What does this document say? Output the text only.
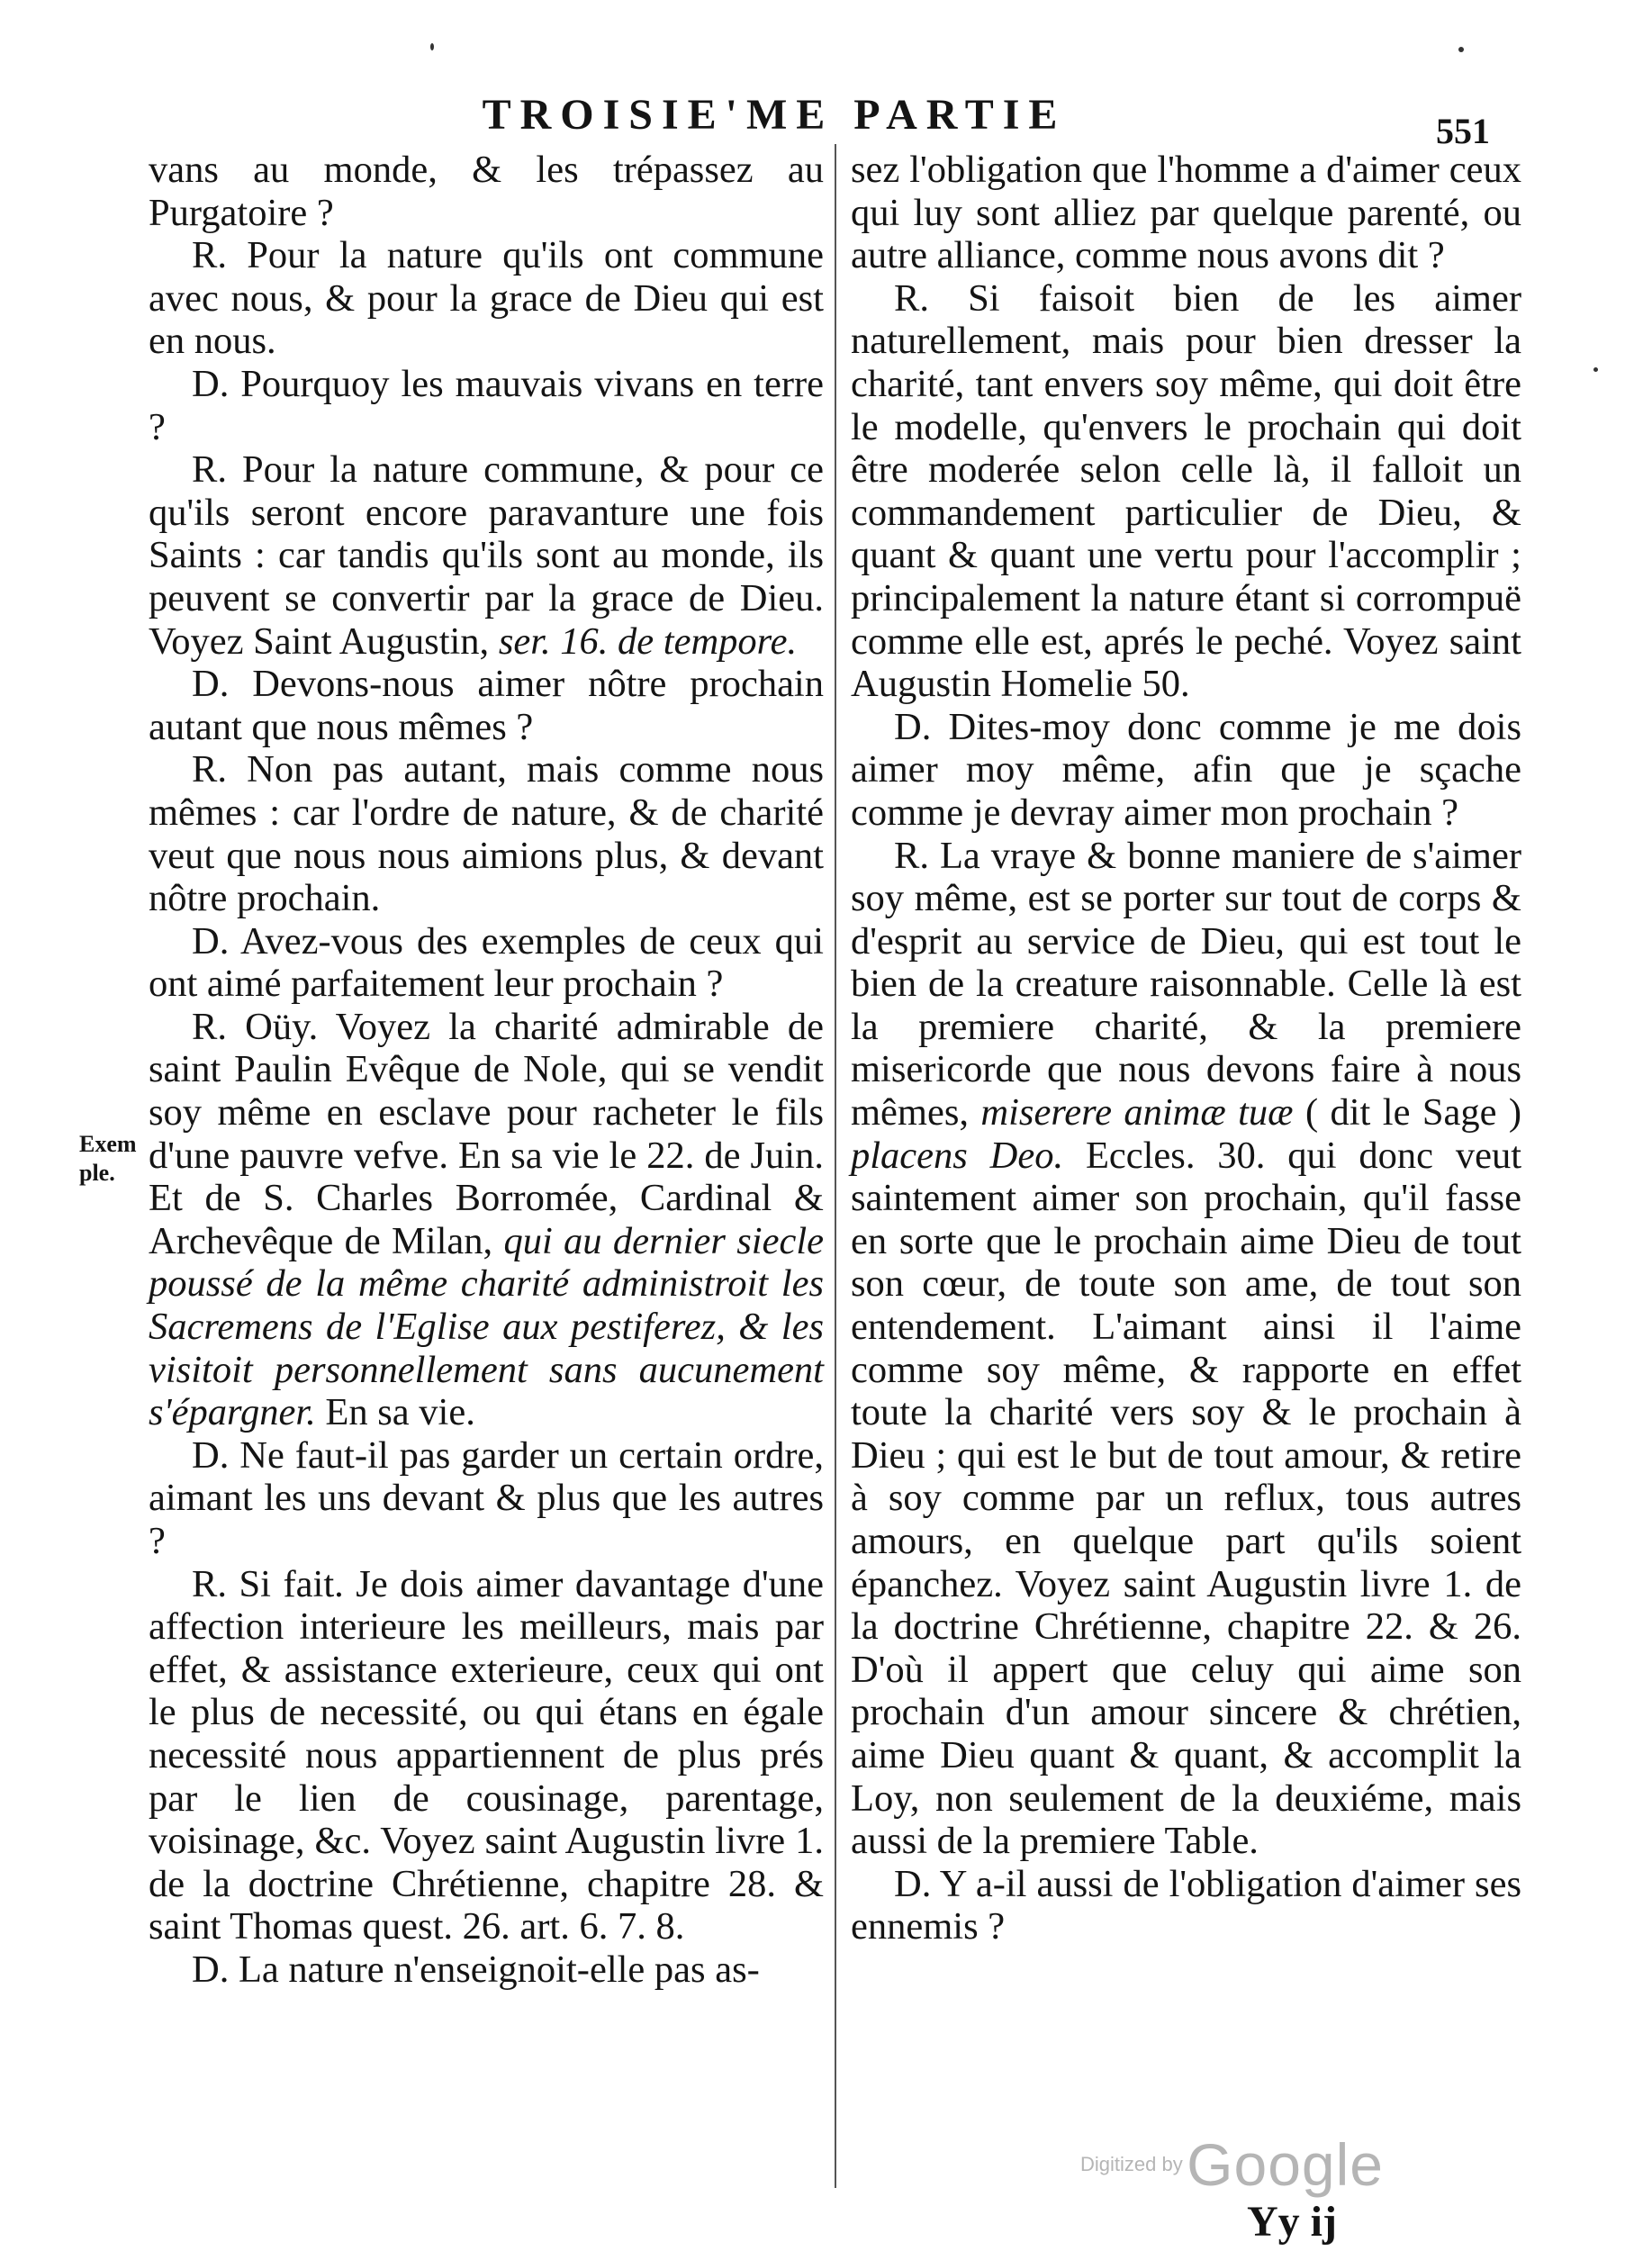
TROISIE'ME PARTIE	551
Exem ple.

vans au monde, & les trépassez au Purgatoire ?

R. Pour la nature qu'ils ont commune avec nous, & pour la grace de Dieu qui est en nous.

D. Pourquoy les mauvais vivans en terre ?

R. Pour la nature commune, & pour ce qu'ils seront encore paravanture une fois Saints : car tandis qu'ils sont au monde, ils peuvent se convertir par la grace de Dieu. Voyez Saint Augustin, ser. 16. de tempore.

D. Devons-nous aimer nôtre prochain autant que nous mêmes ?

R. Non pas autant, mais comme nous mêmes : car l'ordre de nature, & de charité veut que nous nous aimions plus, & devant nôtre prochain.

D. Avez-vous des exemples de ceux qui ont aimé parfaitement leur prochain ?

R. Oüy. Voyez la charité admirable de saint Paulin Evêque de Nole, qui se vendit soy même en esclave pour racheter le fils d'une pauvre vefve. En sa vie le 22. de Juin. Et de S. Charles Borromée, Cardinal & Archevêque de Milan, qui au dernier siecle poussé de la même charité administroit les Sacremens de l'Eglise aux pestiferez, & les visitoit personnellement sans aucunement s'épargner. En sa vie.

D. Ne faut-il pas garder un certain ordre, aimant les uns devant & plus que les autres ?

R. Si fait. Je dois aimer davantage d'une affection interieure les meilleurs, mais par effet, & assistance exterieure, ceux qui ont le plus de necessité, ou qui étans en égale necessité nous appartiennent de plus prés par le lien de cousinage, parentage, voisinage, &c. Voyez saint Augustin livre 1. de la doctrine Chrétienne, chapitre 28. & saint Thomas quest. 26. art. 6. 7. 8.

D. La nature n'enseignoit-elle pas as-

sez l'obligation que l'homme a d'aimer ceux qui luy sont alliez par quelque parenté, ou autre alliance, comme nous avons dit ?

R. Si faisoit bien de les aimer naturellement, mais pour bien dresser la charité, tant envers soy même, qui doit être le modelle, qu'envers le prochain qui doit être moderée selon celle là, il falloit un commandement particulier de Dieu, & quant & quant une vertu pour l'accomplir ; principalement la nature étant si corrompuë comme elle est, aprés le peché. Voyez saint Augustin Homelie 50.

D. Dites-moy donc comme je me dois aimer moy même, afin que je sçache comme je devray aimer mon prochain ?

R. La vraye & bonne maniere de s'aimer soy même, est se porter sur tout de corps & d'esprit au service de Dieu, qui est tout le bien de la creature raisonnable. Celle là est la premiere charité, & la premiere misericorde que nous devons faire à nous mêmes, miserere animæ tuæ ( dit le Sage ) placens Deo. Eccles. 30. qui donc veut saintement aimer son prochain, qu'il fasse en sorte que le prochain aime Dieu de tout son cœur, de toute son ame, de tout son entendement. L'aimant ainsi il l'aime comme soy même, & rapporte en effet toute la charité vers soy & le prochain à Dieu ; qui est le but de tout amour, & retire à soy comme par un reflux, tous autres amours, en quelque part qu'ils soient épanchez. Voyez saint Augustin livre 1. de la doctrine Chrétienne, chapitre 22. & 26. D'où il appert que celuy qui aime son prochain d'un amour sincere & chrétien, aime Dieu quant & quant, & accomplit la Loy, non seulement de la deuxiéme, mais aussi de la premiere Table.

D. Y a-il aussi de l'obligation d'aimer ses ennemis ?

Digitized by Google
Yy ij
